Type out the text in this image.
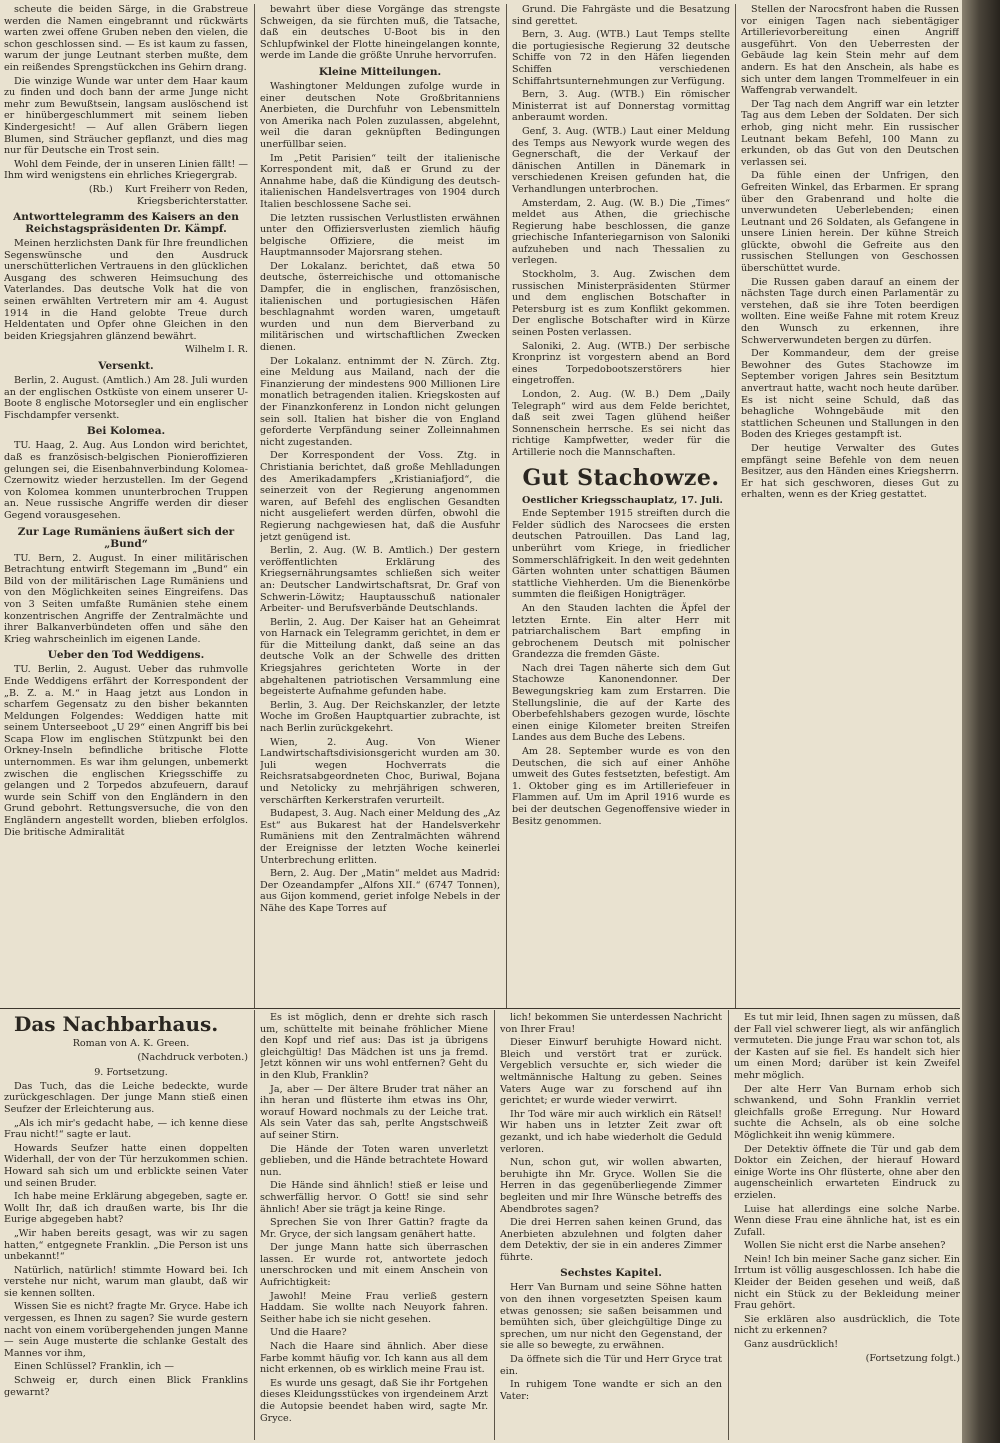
scheute die beiden Särge, in die Grabstreue werden die Namen eingebrannt und rückwärts warten zwei offene Gruben neben den vielen, die schon geschlossen sind. — Es ist kaum zu fassen, warum der junge Leutnant sterben mußte, dem ein reißendes Sprengstückchen ins Gehirn drang.

Die winzige Wunde war unter dem Haar kaum zu finden und doch bann der arme Junge nicht mehr zum Bewußtsein, langsam auslöschend ist er hinübergeschlummert mit seinem lieben Kindergesicht! — Auf allen Gräbern liegen Blumen, sind Sträucher gepflanzt, und dies mag nur für Deutsche ein Trost sein.

Wohl dem Feinde, der in unseren Linien fällt! — Ihm wird wenigstens ein ehrliches Kriegergrab.

(Rb.) Kurt Freiherr von Reden, Kriegsberichterstatter.

Antworttelegramm des Kaisers an den Reichstagspräsidenten Dr. Kämpf.

Meinen herzlichsten Dank für Ihre freundlichen Segenswünsche und den Ausdruck unerschütterlichen Vertrauens in den glücklichen Ausgang des schweren Heimsuchung des Vaterlandes. Das deutsche Volk hat die von seinen erwählten Vertretern mir am 4. August 1914 in die Hand gelobte Treue durch Heldentaten und Opfer ohne Gleichen in den beiden Kriegsjahren glänzend bewährt.

Wilhelm I. R.

Versenkt.

Berlin, 2. August. (Amtlich.) Am 28. Juli wurden an der englischen Ostküste von einem unserer U-Boote 8 englische Motorsegler und ein englischer Fischdampfer versenkt.

Bei Kolomea.

TU. Haag, 2. Aug. Aus London wird berichtet, daß es französisch-belgischen Pionieroffizieren gelungen sei, die Eisenbahnverbindung Kolomea-Czernowitz wieder herzustellen. Im der Gegend von Kolomea kommen ununterbrochen Truppen an. Neue russische Angriffe werden dir dieser Gegend vorausgesehen.

Zur Lage Rumäniens äußert sich der „Bund“

TU. Bern, 2. August. In einer militärischen Betrachtung entwirft Stegemann im „Bund“ ein Bild von der militärischen Lage Rumäniens und von den Möglichkeiten seines Eingreifens. Das von 3 Seiten umfaßte Rumänien stehe einem konzentrischen Angriffe der Zentralmächte und ihrer Balkanverbündeten offen und sähe den Krieg wahrscheinlich im eigenen Lande.

Ueber den Tod Weddigens.

TU. Berlin, 2. August. Ueber das ruhmvolle Ende Weddigens erfährt der Korrespondent der „B. Z. a. M.“ in Haag jetzt aus London in scharfem Gegensatz zu den bisher bekannten Meldungen Folgendes: Weddigen hatte mit seinem Unterseeboot „U 29“ einen Angriff bis bei Scapa Flow im englischen Stützpunkt bei den Orkney-Inseln befindliche britische Flotte unternommen. Es war ihm gelungen, unbemerkt zwischen die englischen Kriegsschiffe zu gelangen und 2 Torpedos abzufeuern, darauf wurde sein Schiff von den Engländern in den Grund gebohrt. Rettungsversuche, die von den Engländern angestellt worden, blieben erfolglos. Die britische Admiralität

bewahrt über diese Vorgänge das strengste Schweigen, da sie fürchten muß, die Tatsache, daß ein deutsches U-Boot bis in den Schlupfwinkel der Flotte hineingelangen konnte, werde im Lande die größte Unruhe hervorrufen.

Kleine Mitteilungen.

Washingtoner Meldungen zufolge wurde in einer deutschen Note Großbritanniens Anerbieten, die Durchfuhr von Lebensmitteln von Amerika nach Polen zuzulassen, abgelehnt, weil die daran geknüpften Bedingungen unerfüllbar seien.

Im „Petit Parisien“ teilt der italienische Korrespondent mit, daß er Grund zu der Annahme habe, daß die Kündigung des deutsch-italienischen Handelsvertrages von 1904 durch Italien beschlossene Sache sei.

Die letzten russischen Verlustlisten erwähnen unter den Offiziersverlusten ziemlich häufig belgische Offiziere, die meist im Hauptmannsoder Majorsrang stehen.

Der Lokalanz. berichtet, daß etwa 50 deutsche, österreichische und ottomanische Dampfer, die in englischen, französischen, italienischen und portugiesischen Häfen beschlagnahmt worden waren, umgetauft wurden und nun dem Bierverband zu militärischen und wirtschaftlichen Zwecken dienen.

Der Lokalanz. entnimmt der N. Zürch. Ztg. eine Meldung aus Mailand, nach der die Finanzierung der mindestens 900 Millionen Lire monatlich betragenden italien. Kriegskosten auf der Finanzkonferenz in London nicht gelungen sein soll. Italien hat bisher die von England geforderte Verpfändung seiner Zolleinnahmen nicht zugestanden.

Der Korrespondent der Voss. Ztg. in Christiania berichtet, daß große Mehlladungen des Amerikadampfers „Kristianiafjord“, die seinerzeit von der Regierung angenommen waren, auf Befehl des englischen Gesandten nicht ausgeliefert werden dürfen, obwohl die Regierung nachgewiesen hat, daß die Ausfuhr jetzt genügend ist.

Berlin, 2. Aug. (W. B. Amtlich.) Der gestern veröffentlichten Erklärung des Kriegsernährungsamtes schließen sich weiter an: Deutscher Landwirtschaftsrat, Dr. Graf von Schwerin-Löwitz; Hauptausschuß nationaler Arbeiter- und Berufsverbände Deutschlands.

Berlin, 2. Aug. Der Kaiser hat an Geheimrat von Harnack ein Telegramm gerichtet, in dem er für die Mitteilung dankt, daß seine an das deutsche Volk an der Schwelle des dritten Kriegsjahres gerichteten Worte in der abgehaltenen patriotischen Versammlung eine begeisterte Aufnahme gefunden habe.

Berlin, 3. Aug. Der Reichskanzler, der letzte Woche im Großen Hauptquartier zubrachte, ist nach Berlin zurückgekehrt.

Wien, 2. Aug. Von Wiener Landwirtschaftsdivisionsgericht wurden am 30. Juli wegen Hochverrats die Reichsratsabgeordneten Choc, Buriwal, Bojana und Netolicky zu mehrjährigen schweren, verschärften Kerkerstrafen verurteilt.

Budapest, 3. Aug. Nach einer Meldung des „Az Est“ aus Bukarest hat der Handelsverkehr Rumäniens mit den Zentralmächten während der Ereignisse der letzten Woche keinerlei Unterbrechung erlitten.

Bern, 2. Aug. Der „Matin“ meldet aus Madrid: Der Ozeandampfer „Alfons XII.“ (6747 Tonnen), aus Gijon kommend, geriet infolge Nebels in der Nähe des Kape Torres auf

Grund. Die Fahrgäste und die Besatzung sind gerettet.

Bern, 3. Aug. (WTB.) Laut Temps stellte die portugiesische Regierung 32 deutsche Schiffe von 72 in den Häfen liegenden Schiffen verschiedenen Schiffahrtsunternehmungen zur Verfügung.

Bern, 3. Aug. (WTB.) Ein römischer Ministerrat ist auf Donnerstag vormittag anberaumt worden.

Genf, 3. Aug. (WTB.) Laut einer Meldung des Temps aus Newyork wurde wegen des Gegnerschaft, die der Verkauf der dänischen Antillen in Dänemark in verschiedenen Kreisen gefunden hat, die Verhandlungen unterbrochen.

Amsterdam, 2. Aug. (W. B.) Die „Times“ meldet aus Athen, die griechische Regierung habe beschlossen, die ganze griechische Infanteriegarnison von Saloniki aufzuheben und nach Thessalien zu verlegen.

Stockholm, 3. Aug. Zwischen dem russischen Ministerpräsidenten Stürmer und dem englischen Botschafter in Petersburg ist es zum Konflikt gekommen. Der englische Botschafter wird in Kürze seinen Posten verlassen.

Saloniki, 2. Aug. (WTB.) Der serbische Kronprinz ist vorgestern abend an Bord eines Torpedobootszerstörers hier eingetroffen.

London, 2. Aug. (W. B.) Dem „Daily Telegraph“ wird aus dem Felde berichtet, daß seit zwei Tagen glühend heißer Sonnenschein herrsche. Es sei nicht das richtige Kampfwetter, weder für die Artillerie noch die Mannschaften.

Gut Stachowze.

Oestlicher Kriegsschauplatz, 17. Juli.

Ende September 1915 streiften durch die Felder südlich des Narocsees die ersten deutschen Patrouillen. Das Land lag, unberührt vom Kriege, in friedlicher Sommerschläfrigkeit. In den weit gedehnten Gärten wohnten unter schattigen Bäumen stattliche Viehherden. Um die Bienenkörbe summten die fleißigen Honigträger.

An den Stauden lachten die Äpfel der letzten Ernte. Ein alter Herr mit patriarchalischem Bart empfing in gebrochenem Deutsch mit polnischer Grandezza die fremden Gäste.

Nach drei Tagen näherte sich dem Gut Stachowze Kanonendonner. Der Bewegungskrieg kam zum Erstarren. Die Stellungslinie, die auf der Karte des Oberbefehlshabers gezogen wurde, löschte einen einige Kilometer breiten Streifen Landes aus dem Buche des Lebens.

Am 28. September wurde es von den Deutschen, die sich auf einer Anhöhe umweit des Gutes festsetzten, befestigt. Am 1. Oktober ging es im Artilleriefeuer in Flammen auf. Um im April 1916 wurde es bei der deutschen Gegenoffensive wieder in Besitz genommen.

Stellen der Narocsfront haben die Russen vor einigen Tagen nach siebentägiger Artillerievorbereitung einen Angriff ausgeführt. Von den Ueberresten der Gebäude lag kein Stein mehr auf dem andern. Es hat den Anschein, als habe es sich unter dem langen Trommelfeuer in ein Waffengrab verwandelt.

Der Tag nach dem Angriff war ein letzter Tag aus dem Leben der Soldaten. Der sich erhob, ging nicht mehr. Ein russischer Leutnant bekam Befehl, 100 Mann zu erkunden, ob das Gut von den Deutschen verlassen sei.

Da fühle einen der Unfrigen, den Gefreiten Winkel, das Erbarmen. Er sprang über den Grabenrand und holte die unverwundeten Ueberlebenden; einen Leutnant und 26 Soldaten, als Gefangene in unsere Linien herein. Der kühne Streich glückte, obwohl die Gefreite aus den russischen Stellungen von Geschossen überschüttet wurde.

Die Russen gaben darauf an einem der nächsten Tage durch einen Parlamentär zu verstehen, daß sie ihre Toten beerdigen wollten. Eine weiße Fahne mit rotem Kreuz den Wunsch zu erkennen, ihre Schwerverwundeten bergen zu dürfen.

Der Kommandeur, dem der greise Bewohner des Gutes Stachowze im September vorigen Jahres sein Besitztum anvertraut hatte, wacht noch heute darüber. Es ist nicht seine Schuld, daß das behagliche Wohngebäude mit den stattlichen Scheunen und Stallungen in den Boden des Krieges gestampft ist.

Der heutige Verwalter des Gutes empfängt seine Befehle von dem neuen Besitzer, aus den Händen eines Kriegsherrn. Er hat sich geschworen, dieses Gut zu erhalten, wenn es der Krieg gestattet.

Das Nachbarhaus.

Roman von A. K. Green.

(Nachdruck verboten.)

9. Fortsetzung.

Das Tuch, das die Leiche bedeckte, wurde zurückgeschlagen. Der junge Mann stieß einen Seufzer der Erleichterung aus.

„Als ich mir's gedacht habe, — ich kenne diese Frau nicht!“ sagte er laut.

Howards Seufzer hatte einen doppelten Widerhall, der von der Tür herzukommen schien. Howard sah sich um und erblickte seinen Vater und seinen Bruder.

Ich habe meine Erklärung abgegeben, sagte er. Wollt Ihr, daß ich draußen warte, bis Ihr die Eurige abgegeben habt?

„Wir haben bereits gesagt, was wir zu sagen hatten,“ entgegnete Franklin. „Die Person ist uns unbekannt!“

Natürlich, natürlich! stimmte Howard bei. Ich verstehe nur nicht, warum man glaubt, daß wir sie kennen sollten.

Wissen Sie es nicht? fragte Mr. Gryce. Habe ich vergessen, es Ihnen zu sagen? Sie wurde gestern nacht von einem vorübergehenden jungen Manne — sein Auge musterte die schlanke Gestalt des Mannes vor ihm,

Einen Schlüssel? Franklin, ich —

Schweig er, durch einen Blick Franklins gewarnt?

Es ist möglich, denn er drehte sich rasch um, schüttelte mit beinahe fröhlicher Miene den Kopf und rief aus: Das ist ja übrigens gleichgültig! Das Mädchen ist uns ja fremd. Jetzt können wir uns wohl entfernen? Geht du in den Klub, Franklin?

Ja, aber — Der ältere Bruder trat näher an ihn heran und flüsterte ihm etwas ins Ohr, worauf Howard nochmals zu der Leiche trat. Als sein Vater das sah, perlte Angstschweiß auf seiner Stirn.

Die Hände der Toten waren unverletzt geblieben, und die Hände betrachtete Howard nun.

Die Hände sind ähnlich! stieß er leise und schwerfällig hervor. O Gott! sie sind sehr ähnlich! Aber sie trägt ja keine Ringe.

Sprechen Sie von Ihrer Gattin? fragte da Mr. Gryce, der sich langsam genähert hatte.

Der junge Mann hatte sich überraschen lassen. Er wurde rot, antwortete jedoch unerschrocken und mit einem Anschein von Aufrichtigkeit:

Jawohl! Meine Frau verließ gestern Haddam. Sie wollte nach Neuyork fahren. Seither habe ich sie nicht gesehen.

Und die Haare?

Nach die Haare sind ähnlich. Aber diese Farbe kommt häufig vor. Ich kann aus all dem nicht erkennen, ob es wirklich meine Frau ist.

Es wurde uns gesagt, daß Sie ihr Fortgehen dieses Kleidungsstückes von irgendeinem Arzt die Autopsie beendet haben wird, sagte Mr. Gryce.

lich! bekommen Sie unterdessen Nachricht von Ihrer Frau!

Dieser Einwurf beruhigte Howard nicht. Bleich und verstört trat er zurück. Vergeblich versuchte er, sich wieder die weltmännische Haltung zu geben. Seines Vaters Auge war zu forschend auf ihn gerichtet; er wurde wieder verwirrt.

Ihr Tod wäre mir auch wirklich ein Rätsel! Wir haben uns in letzter Zeit zwar oft gezankt, und ich habe wiederholt die Geduld verloren.

Nun, schon gut, wir wollen abwarten, beruhigte ihn Mr. Gryce. Wollen Sie die Herren in das gegenüberliegende Zimmer begleiten und mir Ihre Wünsche betreffs des Abendbrotes sagen?

Die drei Herren sahen keinen Grund, das Anerbieten abzulehnen und folgten daher dem Detektiv, der sie in ein anderes Zimmer führte.

Sechstes Kapitel.

Herr Van Burnam und seine Söhne hatten von den ihnen vorgesetzten Speisen kaum etwas genossen; sie saßen beisammen und bemühten sich, über gleichgültige Dinge zu sprechen, um nur nicht den Gegenstand, der sie alle so bewegte, zu erwähnen.

Da öffnete sich die Tür und Herr Gryce trat ein.

In ruhigem Tone wandte er sich an den Vater:

Es tut mir leid, Ihnen sagen zu müssen, daß der Fall viel schwerer liegt, als wir anfänglich vermuteten. Die junge Frau war schon tot, als der Kasten auf sie fiel. Es handelt sich hier um einen Mord; darüber ist kein Zweifel mehr möglich.

Der alte Herr Van Burnam erhob sich schwankend, und Sohn Franklin verriet gleichfalls große Erregung. Nur Howard suchte die Achseln, als ob eine solche Möglichkeit ihn wenig kümmere.

Der Detektiv öffnete die Tür und gab dem Doktor ein Zeichen, der hierauf Howard einige Worte ins Ohr flüsterte, ohne aber den augenscheinlich erwarteten Eindruck zu erzielen.

Luise hat allerdings eine solche Narbe. Wenn diese Frau eine ähnliche hat, ist es ein Zufall.

Wollen Sie nicht erst die Narbe ansehen?

Nein! Ich bin meiner Sache ganz sicher. Ein Irrtum ist völlig ausgeschlossen. Ich habe die Kleider der Beiden gesehen und weiß, daß nicht ein Stück zu der Bekleidung meiner Frau gehört.

Sie erklären also ausdrücklich, die Tote nicht zu erkennen?

Ganz ausdrücklich!

(Fortsetzung folgt.)
